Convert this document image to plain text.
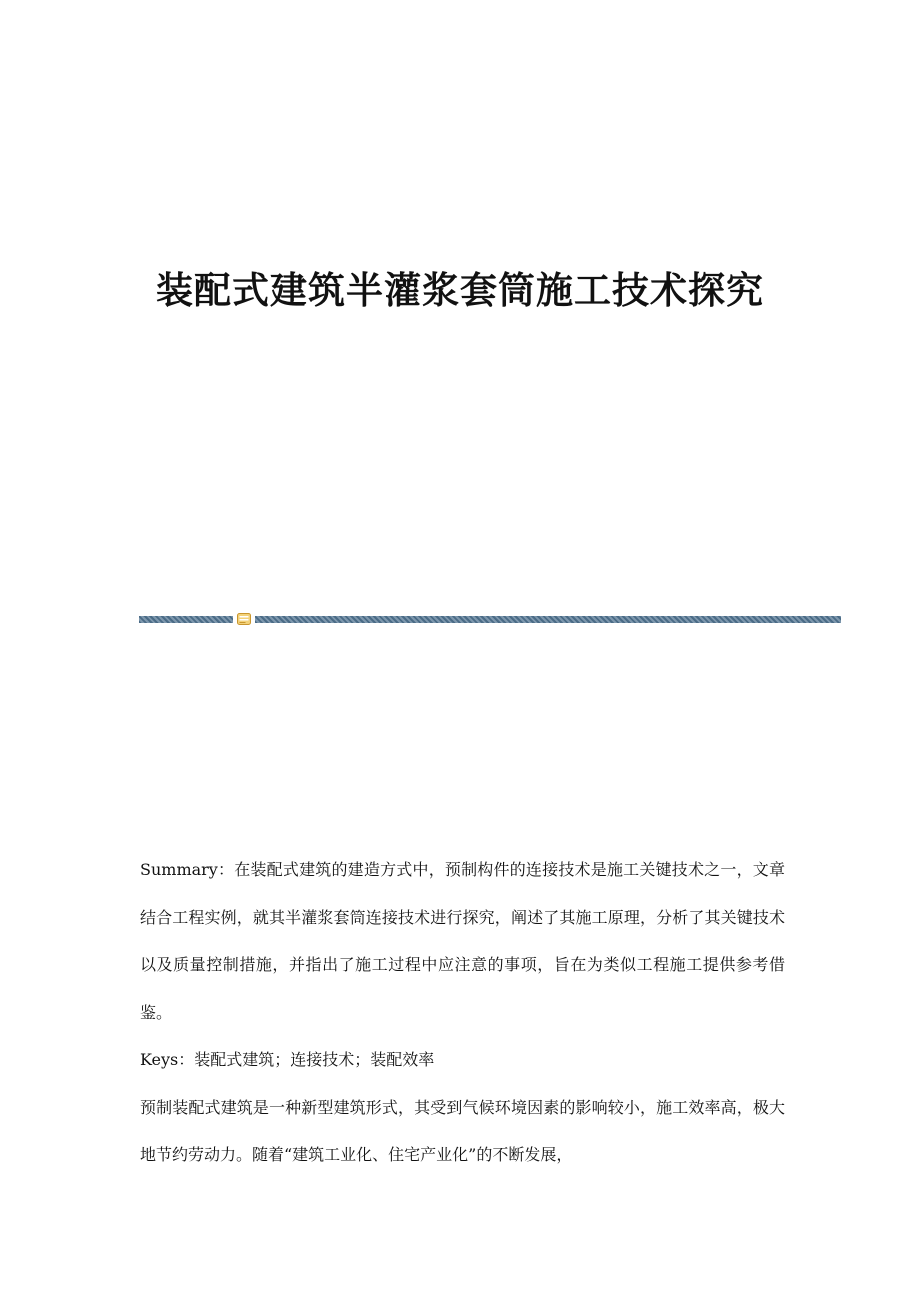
装配式建筑半灌浆套筒施工技术探究

Summary：在装配式建筑的建造方式中，预制构件的连接技术是施工关键技术之一，文章结合工程实例，就其半灌浆套筒连接技术进行探究，阐述了其施工原理，分析了其关键技术以及质量控制措施，并指出了施工过程中应注意的事项，旨在为类似工程施工提供参考借鉴。

Keys：装配式建筑；连接技术；装配效率

预制装配式建筑是一种新型建筑形式，其受到气候环境因素的影响较小，施工效率高，极大地节约劳动力。随着“建筑工业化、住宅产业化”的不断发展，
